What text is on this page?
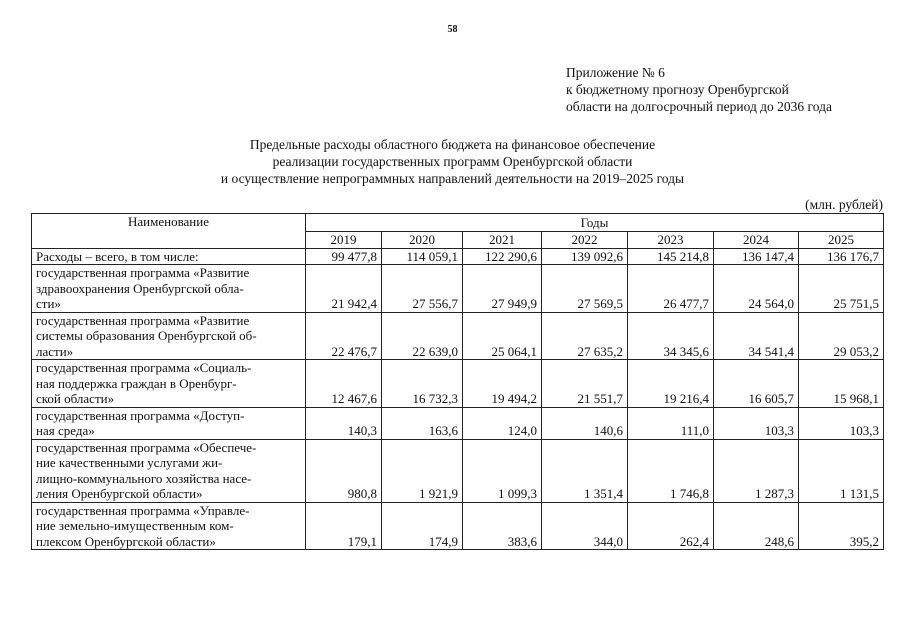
58
Приложение № 6
к бюджетному прогнозу Оренбургской
области на долгосрочный период до 2036 года
Предельные расходы областного бюджета на финансовое обеспечение
реализации государственных программ Оренбургской области
и осуществление непрограммных направлений деятельности на 2019–2025 годы
(млн. рублей)
Наименование	Годы						
	2019	2020	2021	2022	2023	2024	2025

Расходы – всего, в том числе:	99 477,8	114 059,1	122 290,6	139 092,6	145 214,8	136 147,4	136 176,7

государственная программа «Развитие
здравоохранения Оренбургской обла-
сти»	21 942,4	27 556,7	27 949,9	27 569,5	26 477,7	24 564,0	25 751,5

государственная программа «Развитие
системы образования Оренбургской об-
ласти»	22 476,7	22 639,0	25 064,1	27 635,2	34 345,6	34 541,4	29 053,2

государственная программа «Социаль-
ная поддержка граждан в Оренбург-
ской области»	12 467,6	16 732,3	19 494,2	21 551,7	19 216,4	16 605,7	15 968,1

государственная программа «Доступ-
ная среда»	140,3	163,6	124,0	140,6	111,0	103,3	103,3

государственная программа «Обеспече-
ние качественными услугами жи-
лищно-коммунального хозяйства насе-
ления Оренбургской области»	980,8	1 921,9	1 099,3	1 351,4	1 746,8	1 287,3	1 131,5

государственная программа «Управле-
ние земельно-имущественным ком-
плексом Оренбургской области»	179,1	174,9	383,6	344,0	262,4	248,6	395,2
